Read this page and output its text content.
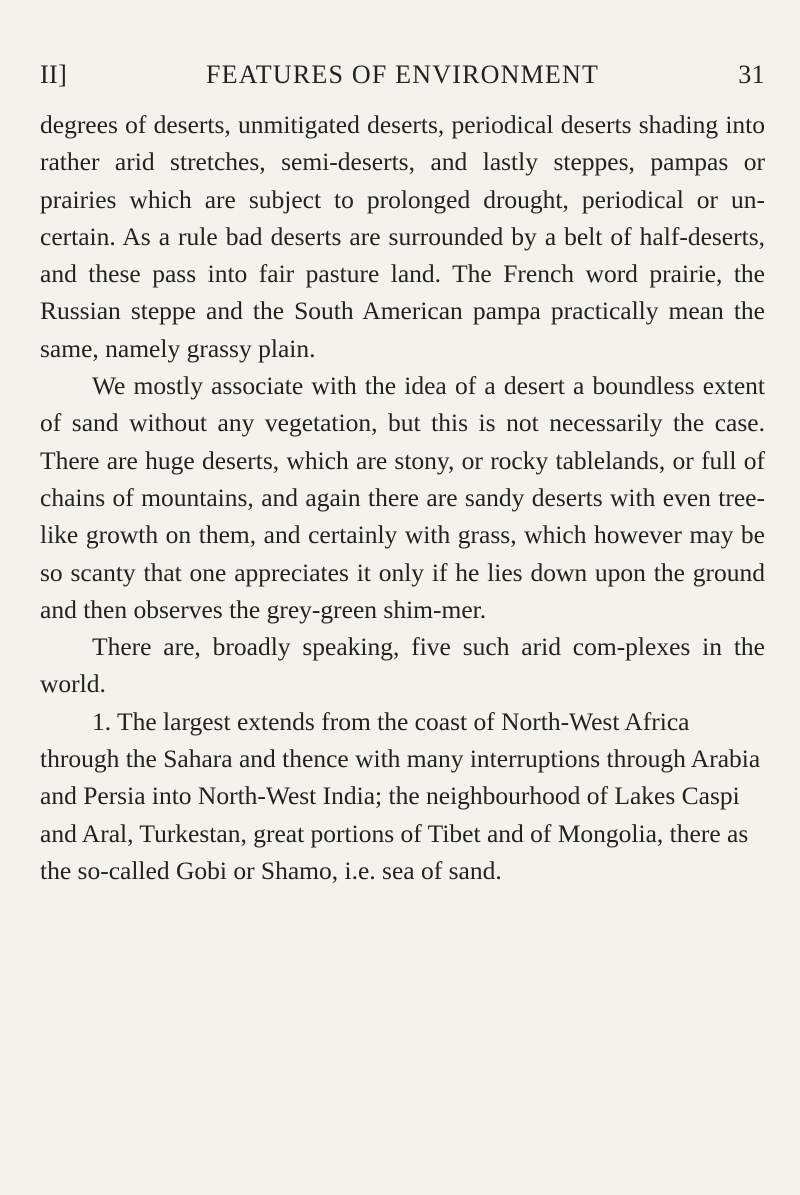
II]	FEATURES OF ENVIRONMENT	31

degrees of deserts, unmitigated deserts, periodical deserts shading into rather arid stretches, semi-deserts, and lastly steppes, pampas or prairies which are subject to prolonged drought, periodical or un-certain. As a rule bad deserts are surrounded by a belt of half-deserts, and these pass into fair pasture land. The French word prairie, the Russian steppe and the South American pampa practically mean the same, namely grassy plain.

We mostly associate with the idea of a desert a boundless extent of sand without any vegetation, but this is not necessarily the case. There are huge deserts, which are stony, or rocky tablelands, or full of chains of mountains, and again there are sandy deserts with even tree-like growth on them, and certainly with grass, which however may be so scanty that one appreciates it only if he lies down upon the ground and then observes the grey-green shim-mer.

There are, broadly speaking, five such arid com-plexes in the world.

1. The largest extends from the coast of North-West Africa through the Sahara and thence with many interruptions through Arabia and Persia into North-West India; the neighbourhood of Lakes Caspi and Aral, Turkestan, great portions of Tibet and of Mongolia, there as the so-called Gobi or Shamo, i.e. sea of sand.
